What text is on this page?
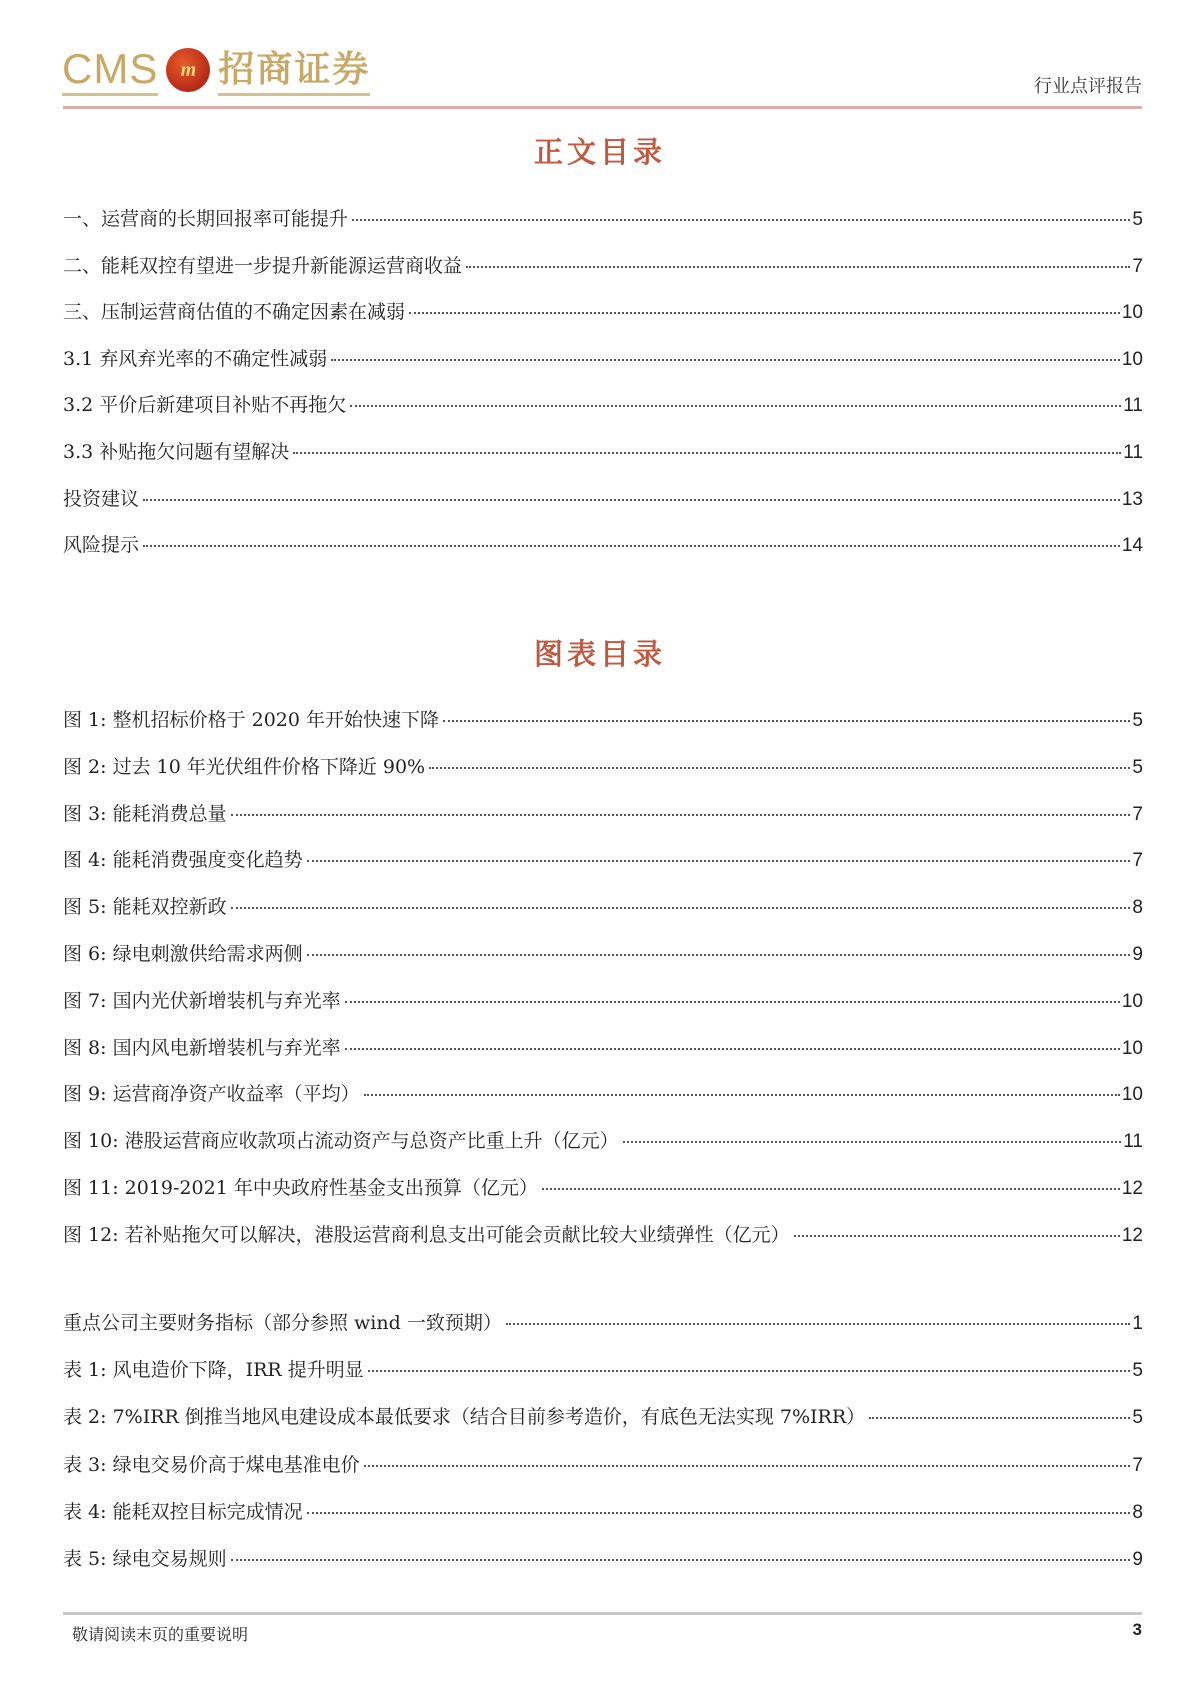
CMS	m 招商证券	行业点评报告
正文目录
一、运营商的长期回报率可能提升	5
二、能耗双控有望进一步提升新能源运营商收益	7
三、压制运营商估值的不确定因素在减弱	10
3.1 弃风弃光率的不确定性减弱	10
3.2 平价后新建项目补贴不再拖欠	11
3.3 补贴拖欠问题有望解决	11
投资建议	13
风险提示	14
图表目录
图 1: 整机招标价格于 2020 年开始快速下降	5
图 2: 过去 10 年光伏组件价格下降近 90%	5
图 3: 能耗消费总量	7
图 4: 能耗消费强度变化趋势	7
图 5: 能耗双控新政	8
图 6: 绿电刺激供给需求两侧	9
图 7: 国内光伏新增装机与弃光率	10
图 8: 国内风电新增装机与弃光率	10
图 9: 运营商净资产收益率（平均）	10
图 10: 港股运营商应收款项占流动资产与总资产比重上升（亿元）	11
图 11: 2019-2021 年中央政府性基金支出预算（亿元）	12
图 12: 若补贴拖欠可以解决，港股运营商利息支出可能会贡献比较大业绩弹性（亿元）	12
重点公司主要财务指标（部分参照 wind 一致预期）	1
表 1: 风电造价下降，IRR 提升明显	5
表 2: 7%IRR 倒推当地风电建设成本最低要求（结合目前参考造价，有底色无法实现 7%IRR）	5
表 3: 绿电交易价高于煤电基准电价	7
表 4: 能耗双控目标完成情况	8
表 5: 绿电交易规则	9
敬请阅读末页的重要说明	3
